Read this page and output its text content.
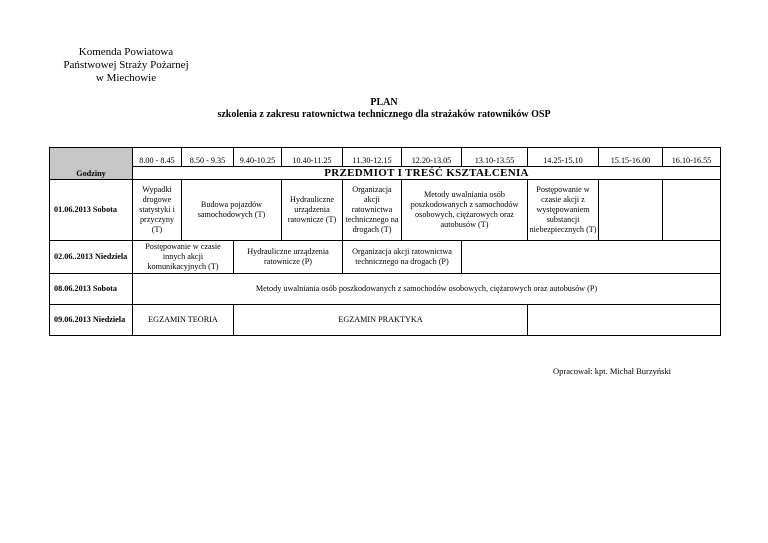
Komenda Powiatowa
Państwowej Straży Pożarnej
w Miechowie
PLAN
szkolenia z zakresu ratownictwa technicznego dla strażaków ratowników OSP
Godziny	8.00 - 8.45	8.50 - 9.35	9.40-10.25	10.40-11.25	11.30-12.15	12.20-13.05	13.10-13.55	14.25-15.10	15.15-16.00	16.10-16.55
	PRZEDMIOT I TREŚĆ KSZTAŁCENIA									
01.06.2013 Sobota	Wypadki drogowe statystyki i przyczyny (T)	Budowa pojazdów samochodowych (T)		Hydrauliczne urządzenia ratownicze (T)	Organizacja akcji ratownictwa technicznego na drogach (T)	Metody uwalniania osób poszkodowanych z samochodów osobowych, ciężarowych oraz autobusów (T)		Postępowanie w czasie akcji z występowaniem substancji niebezpiecznych (T)		
02.06..2013 Niedziela	Postępowanie w czasie innych akcji komunikacyjnych (T)		Hydrauliczne urządzenia ratownicze (P)		Organizacja akcji ratownictwa technicznego na drogach (P)					
08.06.2013 Sobota	Metody uwalniania osób poszkodowanych z samochodów osobowych, ciężarowych oraz autobusów (P)									
09.06.2013 Niedziela	EGZAMIN TEORIA		EGZAMIN PRAKTYKA							
Opracował: kpt. Michał Burzyński
